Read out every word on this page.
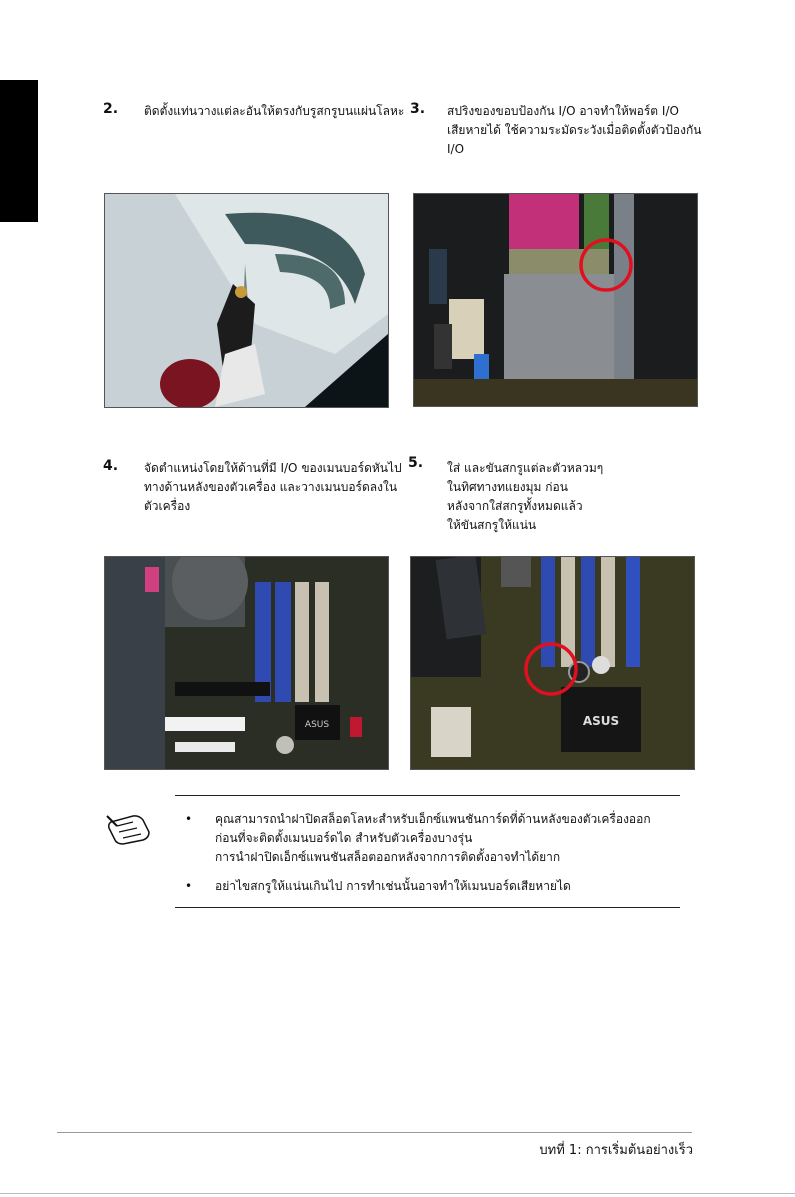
2. ติดตั้งแท่นวางแต่ละอันให้ตรงกับรูสกรูบนแผ่นโลหะ 3. สปริงของขอบป้องกัน I/O อาจทำให้พอร์ต I/O
เสียหายได้ ใช้ความระมัดระวังเมื่อติดตั้งตัวป้องกัน
I/O
4. จัดตำแหน่งโดยให้ด้านที่มี I/O ของเมนบอร์ดหันไป
ทางด้านหลังของตัวเครื่อง และวางเมนบอร์ดลงใน
ตัวเครื่อง
5. ใส่ และขันสกรูแต่ละตัวหลวมๆ
ในทิศทางทแยงมุม ก่อน
หลังจากใส่สกรูทั้งหมดแล้ว
ให้ขันสกรูให้แน่น
ASUS	ASUS
• คุณสามารถนำฝาปิดสล็อตโลหะสำหรับเอ็กซ์แพนชันการ์ดที่ด้านหลังของตัวเครื่องออก
ก่อนที่จะติดตั้งเมนบอร์ดได สำหรับตัวเครื่องบางรุ่น
การนำฝาปิดเอ็กซ์แพนชันสล็อตออกหลังจากการติดตั้งอาจทำได้ยาก
• อย่าไขสกรูให้แน่นเกินไป การทำเช่นนั้นอาจทำให้เมนบอร์ดเสียหายได
บทที่ 1: การเริ่มต้นอย่างเร็ว
